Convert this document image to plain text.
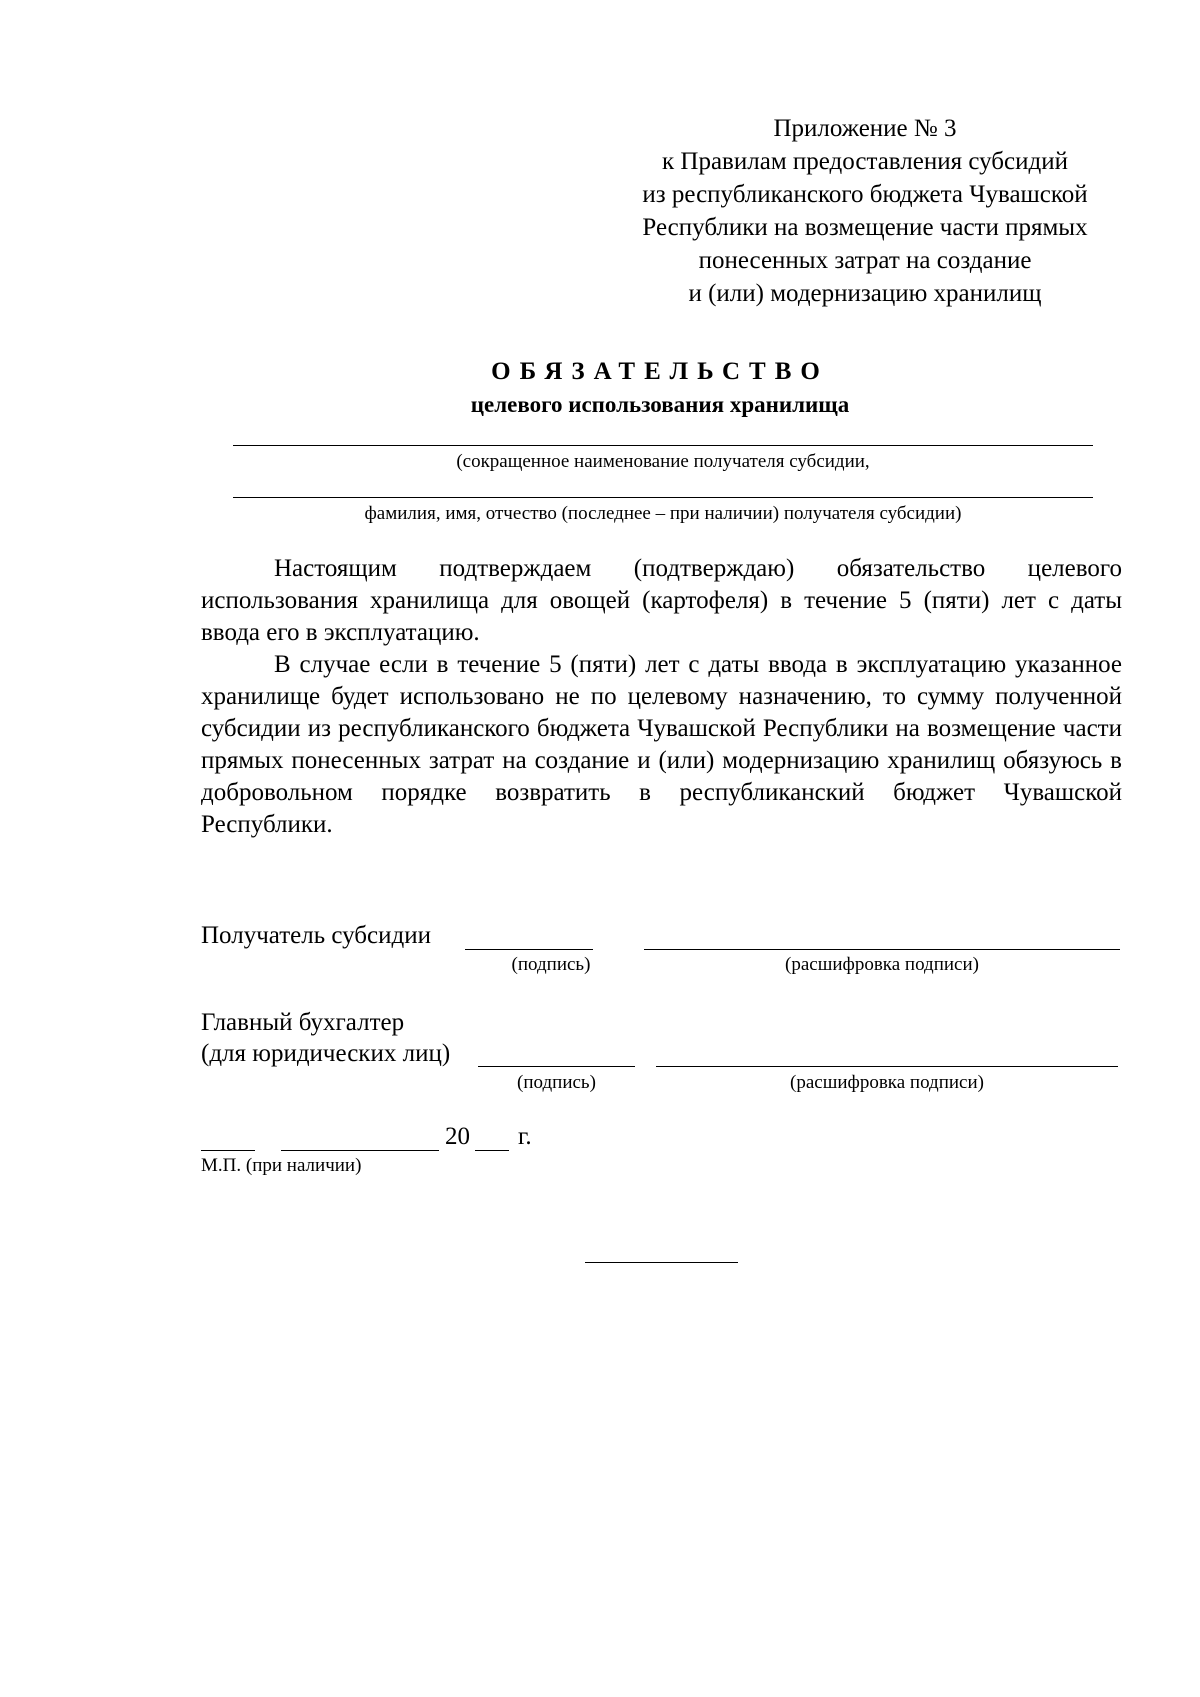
Приложение № 3
к Правилам предоставления субсидий
из республиканского бюджета Чувашской
Республики на возмещение части прямых
понесенных затрат на создание
и (или) модернизацию хранилищ
ОБЯЗАТЕЛЬСТВО
целевого использования хранилища
(сокращенное наименование получателя субсидии,
фамилия, имя, отчество (последнее – при наличии) получателя субсидии)

Настоящим подтверждаем (подтверждаю) обязательство целевого использования хранилища для овощей (картофеля) в течение 5 (пяти) лет с даты ввода его в эксплуатацию.

В случае если в течение 5 (пяти) лет с даты ввода в эксплуатацию указанное хранилище будет использовано не по целевому назначению, то сумму полученной субсидии из республиканского бюджета Чувашской Республики на возмещение части прямых понесенных затрат на создание и (или) модернизацию хранилищ обязуюсь в добровольном порядке возвратить в республиканский бюджет Чувашской Республики.

Получатель субсидии
(подпись)	(расшифровка подписи)
Главный бухгалтер
(для юридических лиц)
(подпись)	(расшифровка подписи)
20 г.
М.П. (при наличии)
